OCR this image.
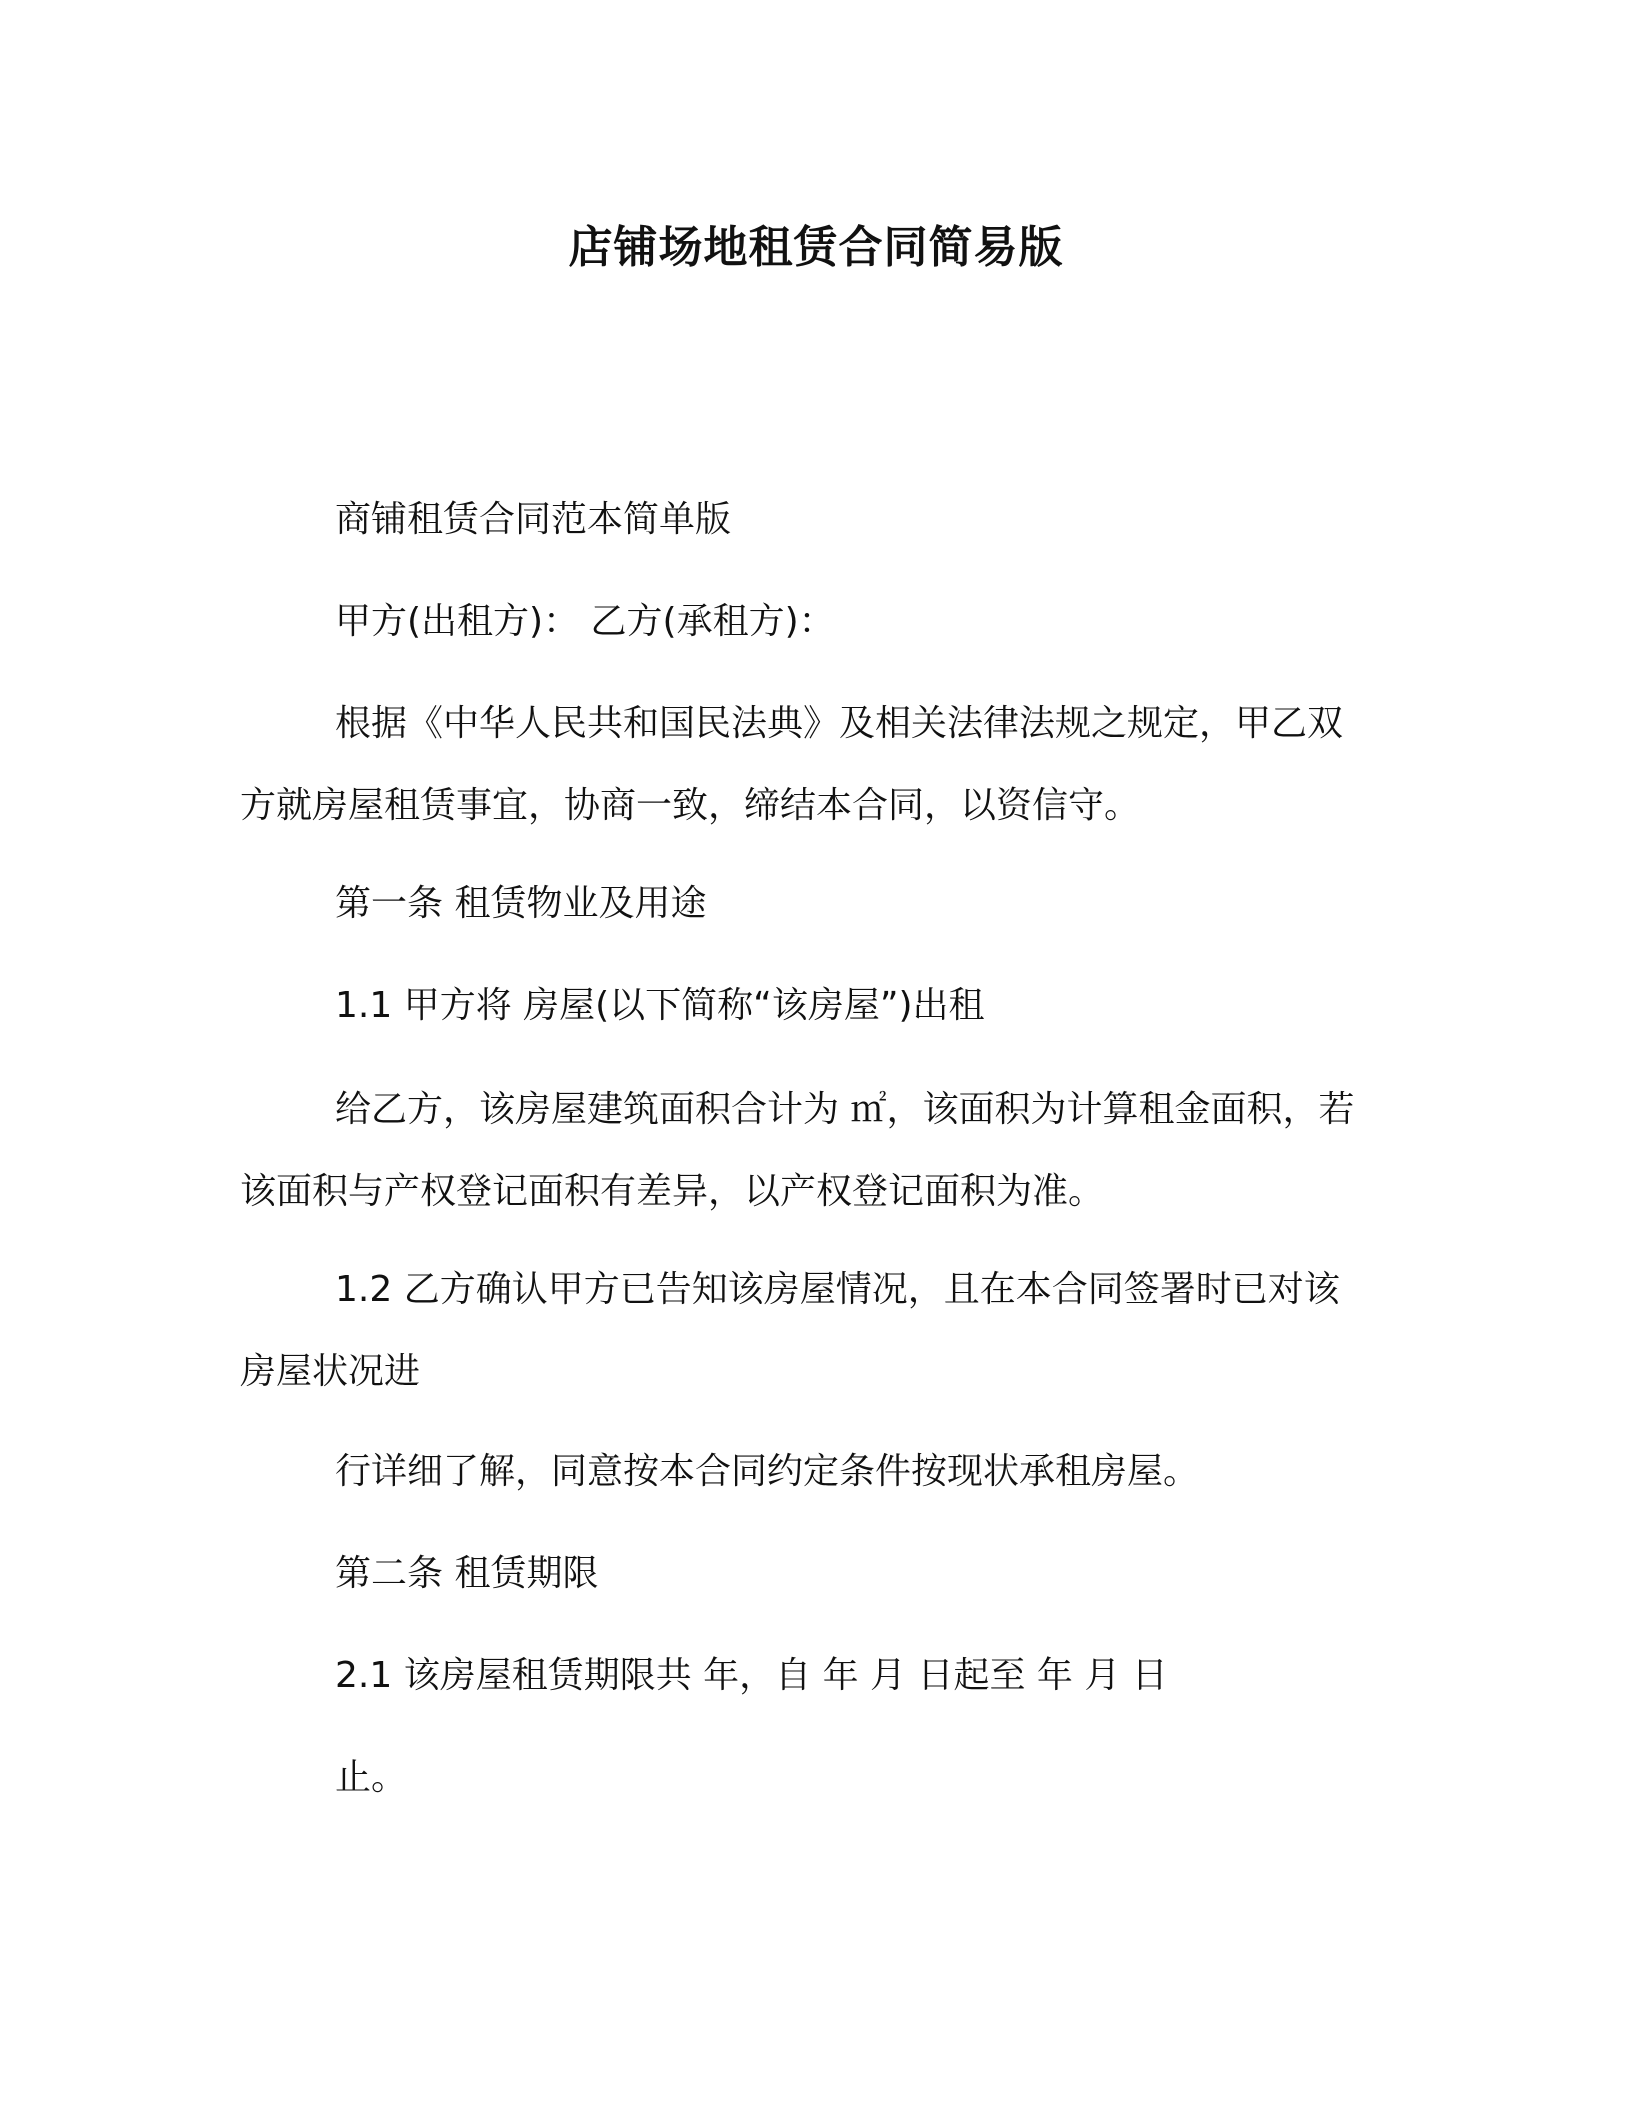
店铺场地租赁合同简易版
商铺租赁合同范本简单版
甲方(出租方)： 乙方(承租方)：
根据《中华人民共和国民法典》及相关法律法规之规定，甲乙双
方就房屋租赁事宜，协商一致，缔结本合同，以资信守。
第一条 租赁物业及用途
1.1 甲方将 房屋(以下简称“该房屋”)出租
给乙方，该房屋建筑面积合计为 ㎡，该面积为计算租金面积，若
该面积与产权登记面积有差异，以产权登记面积为准。
1.2 乙方确认甲方已告知该房屋情况，且在本合同签署时已对该
房屋状况进
行详细了解，同意按本合同约定条件按现状承租房屋。
第二条 租赁期限
2.1 该房屋租赁期限共 年，自 年 月 日起至 年 月 日
止。
